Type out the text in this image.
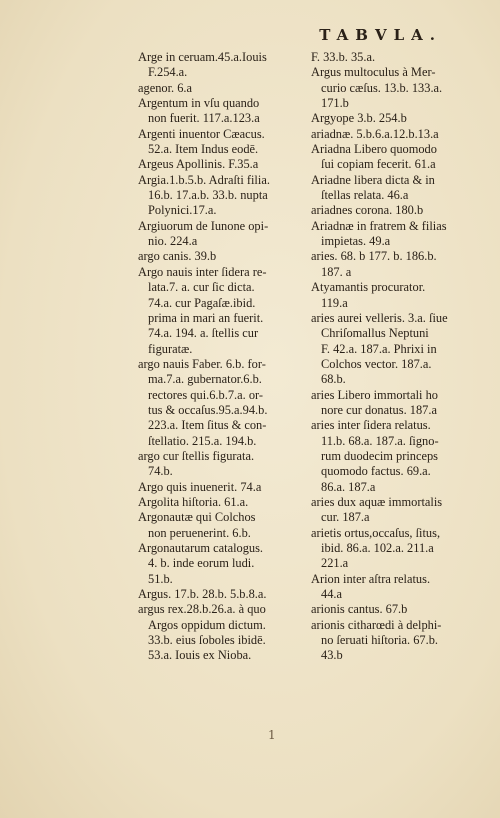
TABVLA.
Arge in ceruam.45.a.Iouis
F.254.a.
agenor. 6.a
Argentum in vſu quando
non fuerit. 117.a.123.a
Argenti inuentor Cæacus.
52.a. Item Indus eodē.
Argeus Apollinis. F.35.a
Argia.1.b.5.b. Adraſti filia.
16.b. 17.a.b. 33.b. nupta
Polynici.17.a.
Argiuorum de Iunone opi-
nio. 224.a
argo canis. 39.b
Argo nauis inter ſidera re-
lata.7. a. cur ſic dicta.
74.a. cur Pagaſæ.ibid.
prima in mari an fuerit.
74.a. 194. a. ſtellis cur
figuratæ.
argo nauis Faber. 6.b. for-
ma.7.a. gubernator.6.b.
rectores qui.6.b.7.a. or-
tus & occaſus.95.a.94.b.
223.a. Item ſitus & con-
ſtellatio. 215.a. 194.b.
argo cur ſtellis figurata.
74.b.
Argo quis inuenerit. 74.a
Argolita hiſtoria. 61.a.
Argonautæ qui Colchos
non peruenerint. 6.b.
Argonautarum catalogus.
4. b. inde eorum ludi.
51.b.
Argus. 17.b. 28.b. 5.b.8.a.
argus rex.28.b.26.a. à quo
Argos oppidum dictum.
33.b. eius ſoboles ibidē.
53.a. Iouis ex Nioba.
F. 33.b. 35.a.
Argus multoculus à Mer-
curio cæſus. 13.b. 133.a.
171.b
Argyope 3.b. 254.b
ariadnæ. 5.b.6.a.12.b.13.a
Ariadna Libero quomodo
ſui copiam fecerit. 61.a
Ariadne libera dicta & in
ſtellas relata. 46.a
ariadnes corona. 180.b
Ariadnæ in fratrem & filias
impietas. 49.a
aries. 68. b 177. b. 186.b.
187. a
Atyamantis procurator.
119.a
aries aurei velleris. 3.a. ſiue
Chriſomallus Neptuni
F. 42.a. 187.a. Phrixi in
Colchos vector. 187.a.
68.b.
aries Libero immortali ho
nore cur donatus. 187.a
aries inter ſidera relatus.
11.b. 68.a. 187.a. ſigno-
rum duodecim princeps
quomodo factus. 69.a.
86.a. 187.a
aries dux aquæ immortalis
cur. 187.a
arietis ortus,occaſus, ſitus,
ibid. 86.a. 102.a. 211.a
221.a
Arion inter aſtra relatus.
44.a
arionis cantus. 67.b
arionis citharœdi à delphi-
no ſeruati hiſtoria. 67.b.
43.b
1
